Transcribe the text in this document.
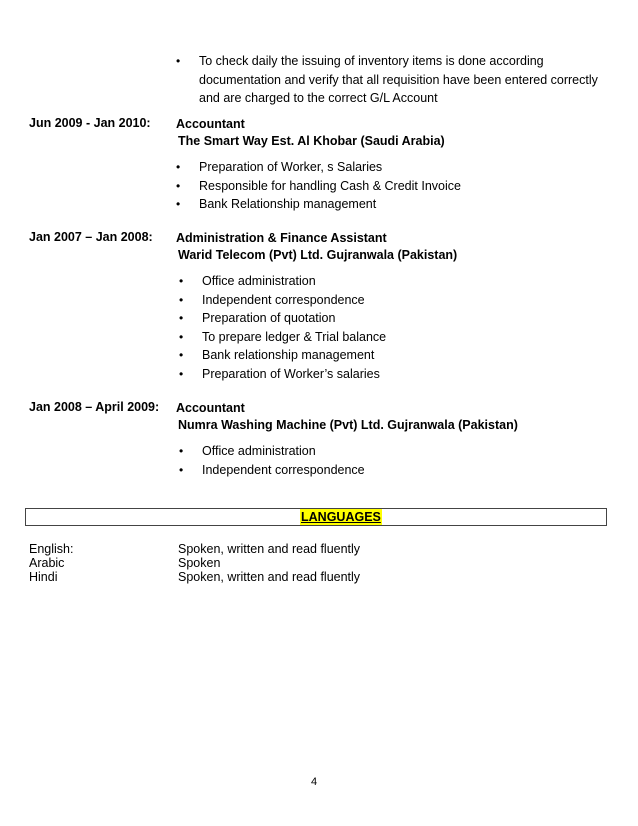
• To check daily the issuing of inventory items is done according documentation and verify that all requisition have been entered correctly and are charged to the correct G/L Account
Jun 2009 - Jan 2010: Accountant
The Smart Way Est. Al Khobar (Saudi Arabia)
• Preparation of Worker, s Salaries
• Responsible for handling Cash & Credit Invoice
• Bank Relationship management
Jan 2007 – Jan 2008: Administration & Finance Assistant
Warid Telecom (Pvt) Ltd. Gujranwala (Pakistan)
• Office administration
• Independent correspondence
• Preparation of quotation
• To prepare ledger & Trial balance
• Bank relationship management
• Preparation of Worker’s salaries
Jan 2008 – April 2009: Accountant
Numra Washing Machine (Pvt) Ltd. Gujranwala (Pakistan)
• Office administration
• Independent correspondence
LANGUAGES
English:	Spoken, written and read fluently
Arabic	Spoken
Hindi	Spoken, written and read fluently
4
